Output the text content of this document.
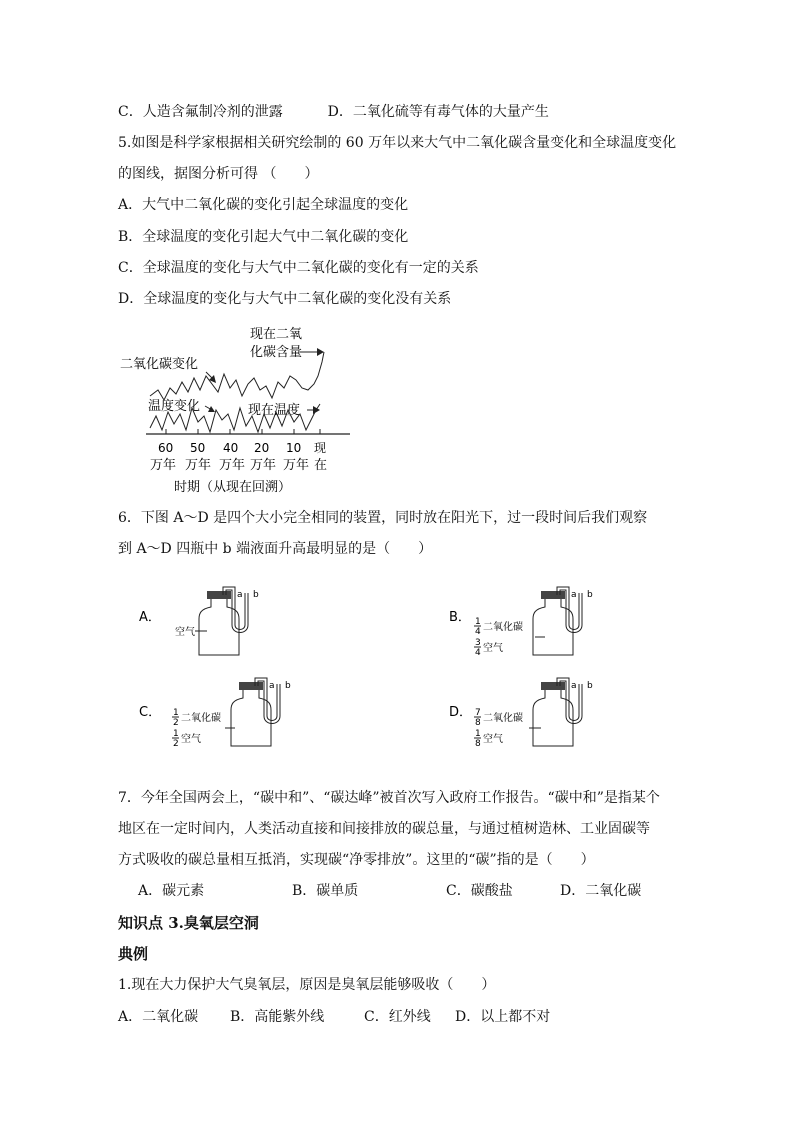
C．人造含氟制冷剂的泄露	D．二氧化硫等有毒气体的大量产生
5.如图是科学家根据相关研究绘制的 60 万年以来大气中二氧化碳含量变化和全球温度变化
的图线，据图分析可得 （　　）
A．大气中二氧化碳的变化引起全球温度的变化
B．全球温度的变化引起大气中二氧化碳的变化
C．全球温度的变化与大气中二氧化碳的变化有一定的关系
D．全球温度的变化与大气中二氧化碳的变化没有关系
现在二氧
化碳含量
二氧化碳变化
温度变化	现在温度
60 50 40 20 10 现
万年 万年 万年 万年 万年 在
时期（从现在回溯）
6．下图 A～D 是四个大小完全相同的装置，同时放在阳光下，过一段时间后我们观察
到 A～D 四瓶中 b 端液面升高最明显的是（　　）
A．
空气
a b
B． 1
4 二氧化碳
3
4 空气
a b
C． 1
2 二氧化碳
1
2 空气
a b
D． 7
8 二氧化碳
1
8 空气
a b
7．今年全国两会上，“碳中和”、“碳达峰”被首次写入政府工作报告。“碳中和”是指某个
地区在一定时间内，人类活动直接和间接排放的碳总量，与通过植树造林、工业固碳等
方式吸收的碳总量相互抵消，实现碳“净零排放”。这里的“碳”指的是（　　）
A．碳元素	B．碳单质	C．碳酸盐	D．二氧化碳
知识点 3.臭氧层空洞
典例
1.现在大力保护大气臭氧层，原因是臭氧层能够吸收（　　）
A．二氧化碳 B．高能紫外线	C．红外线 D．以上都不对
